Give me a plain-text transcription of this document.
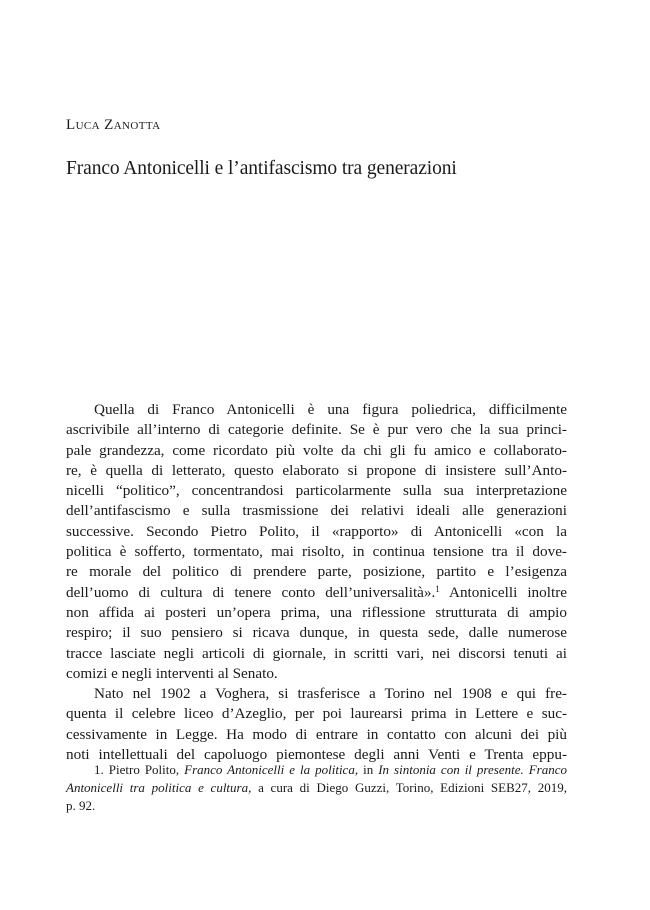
Luca Zanotta
Franco Antonicelli e l’antifascismo tra generazioni
Quella di Franco Antonicelli è una figura poliedrica, difficilmente
ascrivibile all’interno di categorie definite. Se è pur vero che la sua princi-
pale grandezza, come ricordato più volte da chi gli fu amico e collaborato-
re, è quella di letterato, questo elaborato si propone di insistere sull’Anto-
nicelli “politico”, concentrandosi particolarmente sulla sua interpretazione
dell’antifascismo e sulla trasmissione dei relativi ideali alle generazioni
successive. Secondo Pietro Polito, il «rapporto» di Antonicelli «con la
politica è sofferto, tormentato, mai risolto, in continua tensione tra il dove-
re morale del politico di prendere parte, posizione, partito e l’esigenza
dell’uomo di cultura di tenere conto dell’universalità».$^1$ Antonicelli inoltre
non affida ai posteri un’opera prima, una riflessione strutturata di ampio
respiro; il suo pensiero si ricava dunque, in questa sede, dalle numerose
tracce lasciate negli articoli di giornale, in scritti vari, nei discorsi tenuti ai
comizi e negli interventi al Senato.
Nato nel 1902 a Voghera, si trasferisce a Torino nel 1908 e qui fre-
quenta il celebre liceo d’Azeglio, per poi laurearsi prima in Lettere e suc-
cessivamente in Legge. Ha modo di entrare in contatto con alcuni dei più
noti intellettuali del capoluogo piemontese degli anni Venti e Trenta eppu-
1. Pietro Polito, Franco Antonicelli e la politica, in In sintonia con il presente. Franco
Antonicelli tra politica e cultura, a cura di Diego Guzzi, Torino, Edizioni SEB27, 2019,
p. 92.
